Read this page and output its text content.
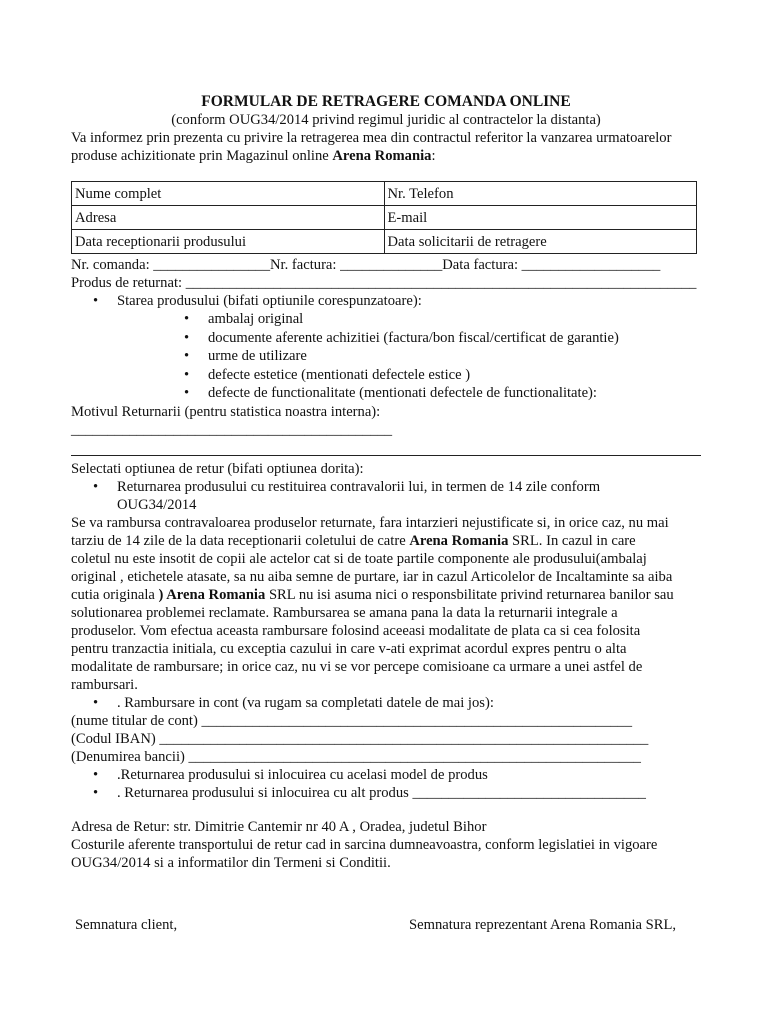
FORMULAR DE RETRAGERE COMANDA ONLINE
(conform OUG34/2014 privind regimul juridic al contractelor la distanta)

Va informez prin prezenta cu privire la retragerea mea din contractul referitor la vanzarea urmatoarelor

produse achizitionate prin Magazinul online Arena Romania:

Nume complet	Nr. Telefon
Adresa	E-mail
Data receptionarii produsului	Data solicitarii de retragere

Nr. comanda: ________________Nr. factura: ______________Data factura: ___________________

Produs de returnat: ______________________________________________________________________

• Starea produsului (bifati optiunile corespunzatoare):
• ambalaj original
• documente aferente achizitiei (factura/bon fiscal/certificat de garantie)
• urme de utilizare
• defecte estetice (mentionati defectele estice )
• defecte de functionalitate (mentionati defectele de functionalitate):

Motivul Returnarii (pentru statistica noastra interna): ____________________________________________

Selectati optiunea de retur (bifati optiunea dorita):

• Returnarea produsului cu restituirea contravalorii lui, in termen de 14 zile conform
OUG34/2014

Se va rambursa contravaloarea produselor returnate, fara intarzieri nejustificate si, in orice caz, nu mai

tarziu de 14 zile de la data receptionarii coletului de catre Arena Romania SRL. In cazul in care

coletul nu este insotit de copii ale actelor cat si de toate partile componente ale produsului(ambalaj

original , etichetele atasate, sa nu aiba semne de purtare, iar in cazul Articolelor de Incaltaminte sa aiba

cutia originala ) Arena Romania SRL nu isi asuma nici o responsbilitate privind returnarea banilor sau

solutionarea problemei reclamate. Rambursarea se amana pana la data la returnarii integrale a

produselor. Vom efectua aceasta rambursare folosind aceeasi modalitate de plata ca si cea folosita

pentru tranzactia initiala, cu exceptia cazului in care v-ati exprimat acordul expres pentru o alta

modalitate de rambursare; in orice caz, nu vi se vor percepe comisioane ca urmare a unei astfel de

rambursari.

• . Rambursare in cont (va rugam sa completati datele de mai jos):

(nume titular de cont) ___________________________________________________________

(Codul IBAN) ___________________________________________________________________

(Denumirea bancii) ______________________________________________________________

• .Returnarea produsului si inlocuirea cu acelasi model de produs
• . Returnarea produsului si inlocuirea cu alt produs ________________________________

Adresa de Retur: str. Dimitrie Cantemir nr 40 A , Oradea, judetul Bihor

Costurile aferente transportului de retur cad in sarcina dumneavoastra, conform legislatiei in vigoare

OUG34/2014 si a informatilor din Termeni si Conditii.

Semnatura client,	Semnatura reprezentant Arena Romania SRL,
